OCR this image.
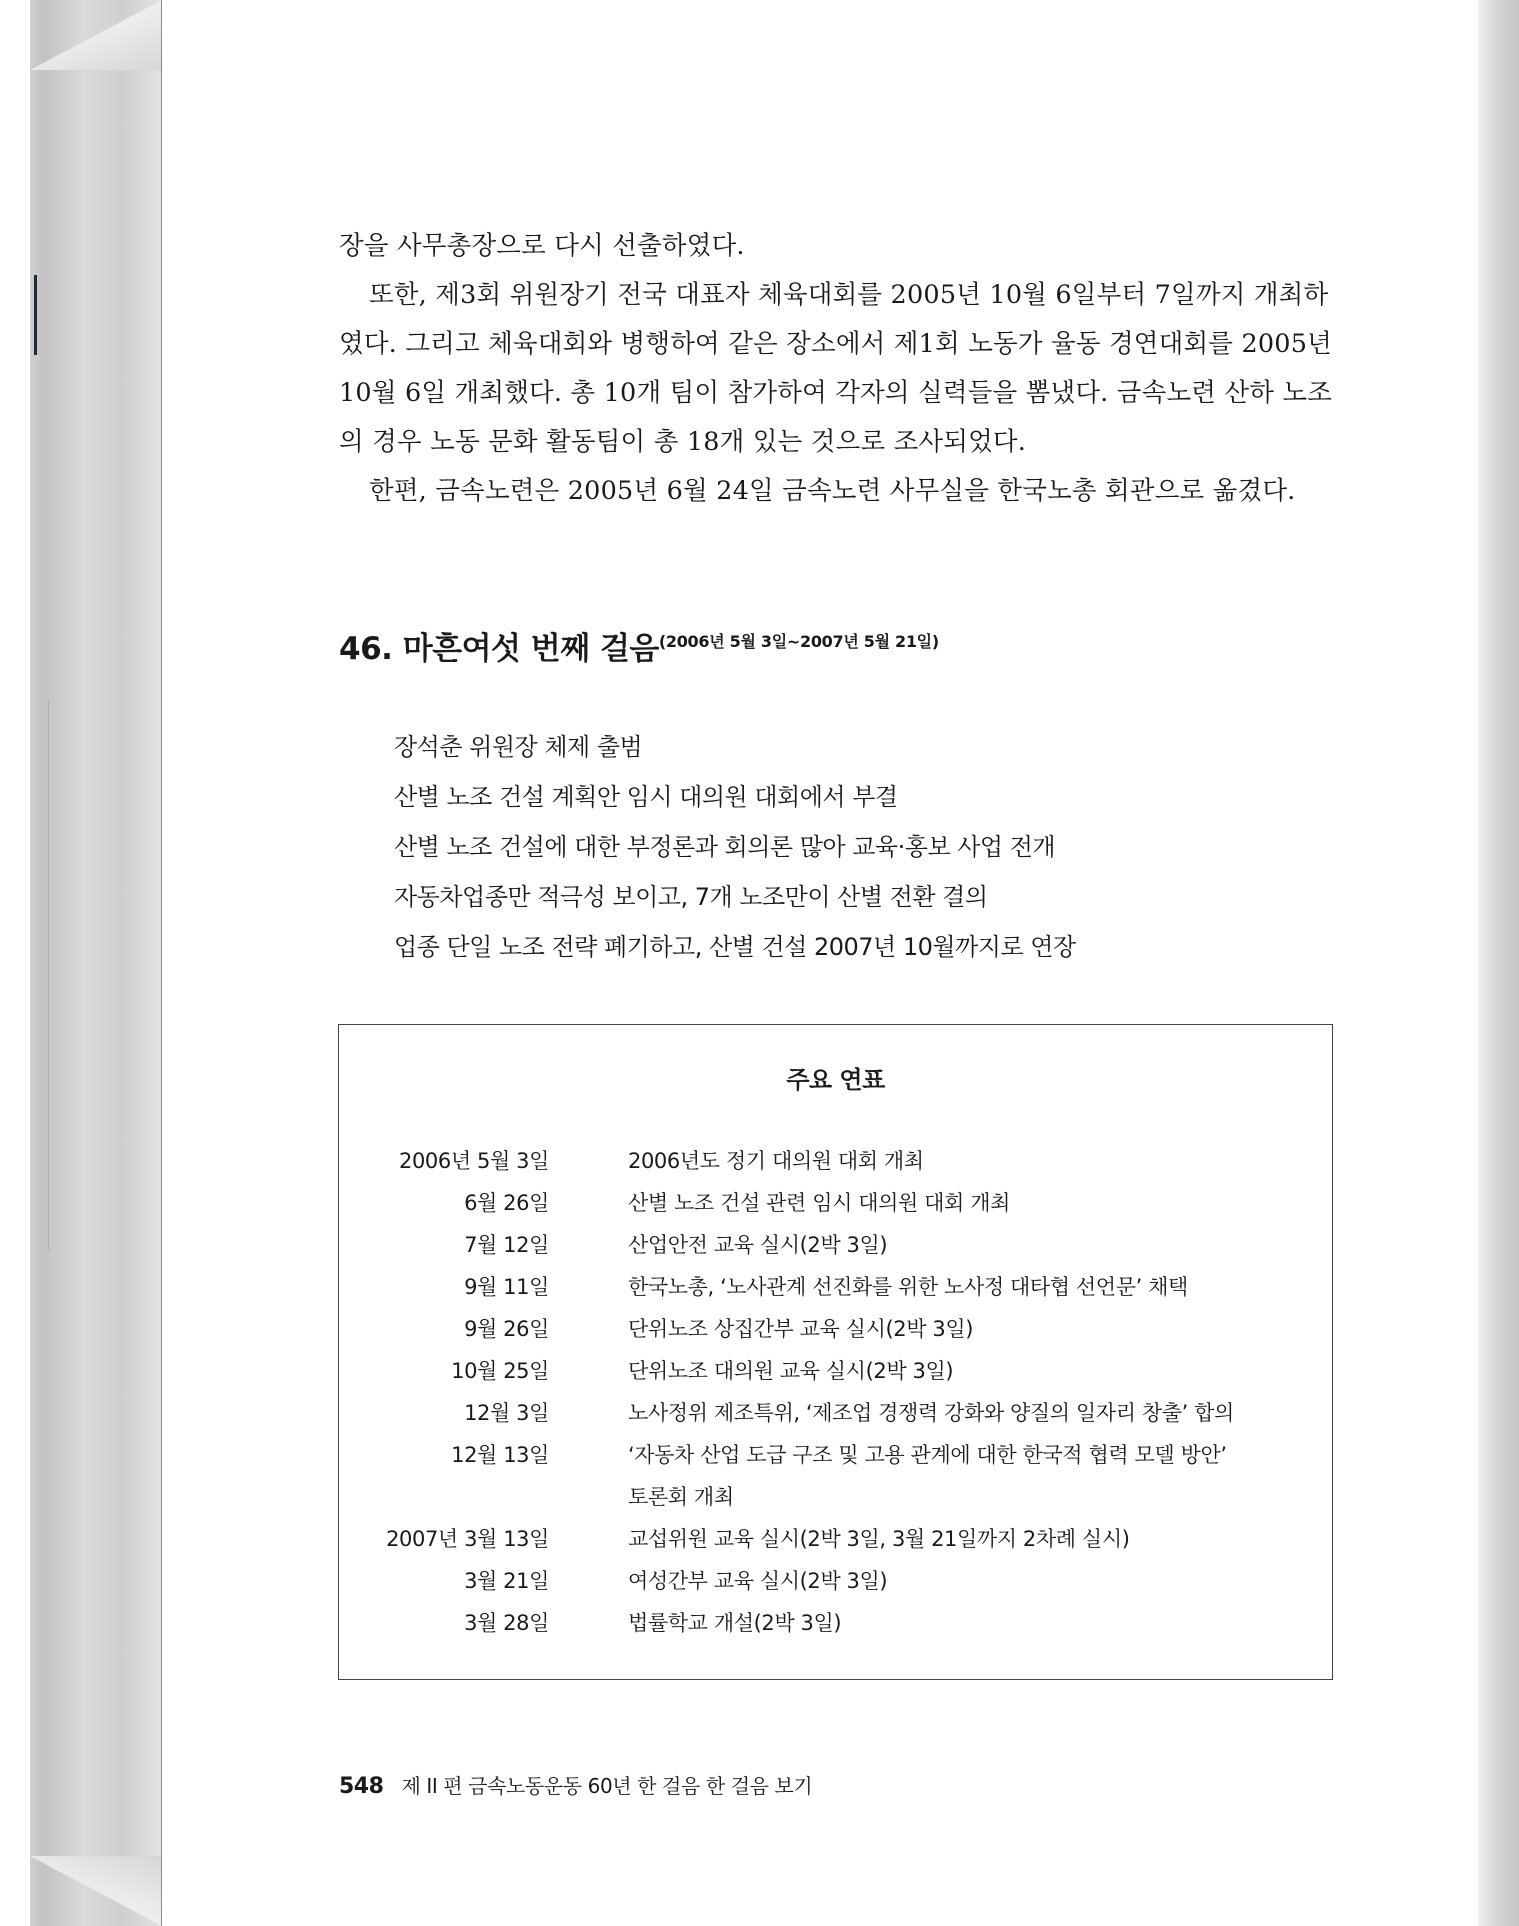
장을 사무총장으로 다시 선출하였다.

또한, 제3회 위원장기 전국 대표자 체육대회를 2005년 10월 6일부터 7일까지 개최하였다. 그리고 체육대회와 병행하여 같은 장소에서 제1회 노동가 율동 경연대회를 2005년 10월 6일 개최했다. 총 10개 팀이 참가하여 각자의 실력들을 뽐냈다. 금속노련 산하 노조의 경우 노동 문화 활동팀이 총 18개 있는 것으로 조사되었다.

한편, 금속노련은 2005년 6월 24일 금속노련 사무실을 한국노총 회관으로 옮겼다.

46. 마흔여섯 번째 걸음(2006년 5월 3일~2007년 5월 21일)
장석춘 위원장 체제 출범
산별 노조 건설 계획안 임시 대의원 대회에서 부결
산별 노조 건설에 대한 부정론과 회의론 많아 교육·홍보 사업 전개
자동차업종만 적극성 보이고, 7개 노조만이 산별 전환 결의
업종 단일 노조 전략 폐기하고, 산별 건설 2007년 10월까지로 연장
주요 연표
2006년 5월 3일	2006년도 정기 대의원 대회 개최
6월 26일	산별 노조 건설 관련 임시 대의원 대회 개최
7월 12일	산업안전 교육 실시(2박 3일)
9월 11일	한국노총, ‘노사관계 선진화를 위한 노사정 대타협 선언문’ 채택
9월 26일	단위노조 상집간부 교육 실시(2박 3일)
10월 25일	단위노조 대의원 교육 실시(2박 3일)
12월 3일	노사정위 제조특위, ‘제조업 경쟁력 강화와 양질의 일자리 창출’ 합의
12월 13일	‘자동차 산업 도급 구조 및 고용 관계에 대한 한국적 협력 모델 방안’
토론회 개최
2007년 3월 13일	교섭위원 교육 실시(2박 3일, 3월 21일까지 2차례 실시)
3월 21일	여성간부 교육 실시(2박 3일)
3월 28일	법률학교 개설(2박 3일)
548 제 II 편 금속노동운동 60년 한 걸음 한 걸음 보기
